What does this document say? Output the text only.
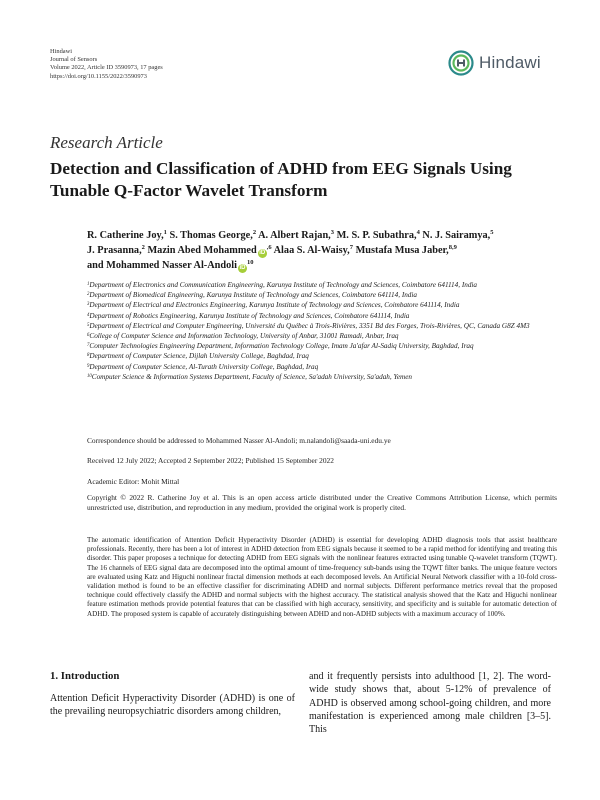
Hindawi
Journal of Sensors
Volume 2022, Article ID 3590973, 17 pages
https://doi.org/10.1155/2022/3590973
Hindawi
Research Article
Detection and Classification of ADHD from EEG Signals Using
Tunable Q-Factor Wavelet Transform
R. Catherine Joy,$^1$ S. Thomas George,$^2$ A. Albert Rajan,$^3$ M. S. P. Subathra,$^4$ N. J. Sairamya,$^5$
J. Prasanna,$^2$ Mazin Abed Mohammed $iD^{,6}$ Alaa S. Al-Waisy,$^7$ Mustafa Musa Jaber,$^{8,9}$
and Mohammed Nasser Al-Andoli $iD^{10}$
$^1$Department of Electronics and Communication Engineering, Karunya Institute of Technology and Sciences, Coimbatore 641114, India
$^2$Department of Biomedical Engineering, Karunya Institute of Technology and Sciences, Coimbatore 641114, India
$^3$Department of Electrical and Electronics Engineering, Karunya Institute of Technology and Sciences, Coimbatore 641114, India
$^4$Department of Robotics Engineering, Karunya Institute of Technology and Sciences, Coimbatore 641114, India
$^5$Department of Electrical and Computer Engineering, Université du Québec à Trois-Rivières, 3351 Bd des Forges, Trois-Rivières, QC, Canada G8Z 4M3
$^6$College of Computer Science and Information Technology, University of Anbar, 31001 Ramadi, Anbar, Iraq
$^7$Computer Technologies Engineering Department, Information Technology College, Imam Ja'afar Al-Sadiq University, Baghdad, Iraq
$^8$Department of Computer Science, Dijlah University College, Baghdad, Iraq
$^9$Department of Computer Science, Al-Turath University College, Baghdad, Iraq
$^{10}$Computer Science & Information Systems Department, Faculty of Science, Sa'adah University, Sa'adah, Yemen
Correspondence should be addressed to Mohammed Nasser Al-Andoli; m.nalandoli@saada-uni.edu.ye
Received 12 July 2022; Accepted 2 September 2022; Published 15 September 2022
Academic Editor: Mohit Mittal
Copyright © 2022 R. Catherine Joy et al. This is an open access article distributed under the Creative Commons Attribution License, which permits unrestricted use, distribution, and reproduction in any medium, provided the original work is properly cited.
The automatic identification of Attention Deficit Hyperactivity Disorder (ADHD) is essential for developing ADHD diagnosis tools that assist healthcare professionals. Recently, there has been a lot of interest in ADHD detection from EEG signals because it seemed to be a rapid method for identifying and treating this disorder. This paper proposes a technique for detecting ADHD from EEG signals with the nonlinear features extracted using tunable Q-wavelet transform (TQWT). The 16 channels of EEG signal data are decomposed into the optimal amount of time-frequency sub-bands using the TQWT filter banks. The unique feature vectors are evaluated using Katz and Higuchi nonlinear fractal dimension methods at each decomposed levels. An Artificial Neural Network classifier with a 10-fold cross-validation method is found to be an effective classifier for discriminating ADHD and normal subjects. Different performance metrics reveal that the proposed technique could effectively classify the ADHD and normal subjects with the highest accuracy. The statistical analysis showed that the Katz and Higuchi nonlinear feature estimation methods provide potential features that can be classified with high accuracy, sensitivity, and specificity and is suitable for automatic detection of ADHD. The proposed system is capable of accurately distinguishing between ADHD and non-ADHD subjects with a maximum accuracy of 100%.
1. Introduction
Attention Deficit Hyperactivity Disorder (ADHD) is one of the prevailing neuropsychiatric disorders among children,
and it frequently persists into adulthood [1, 2]. The word-wide study shows that, about 5-12% of prevalence of ADHD is observed among school-going children, and more manifestation is experienced among male children [3–5]. This
